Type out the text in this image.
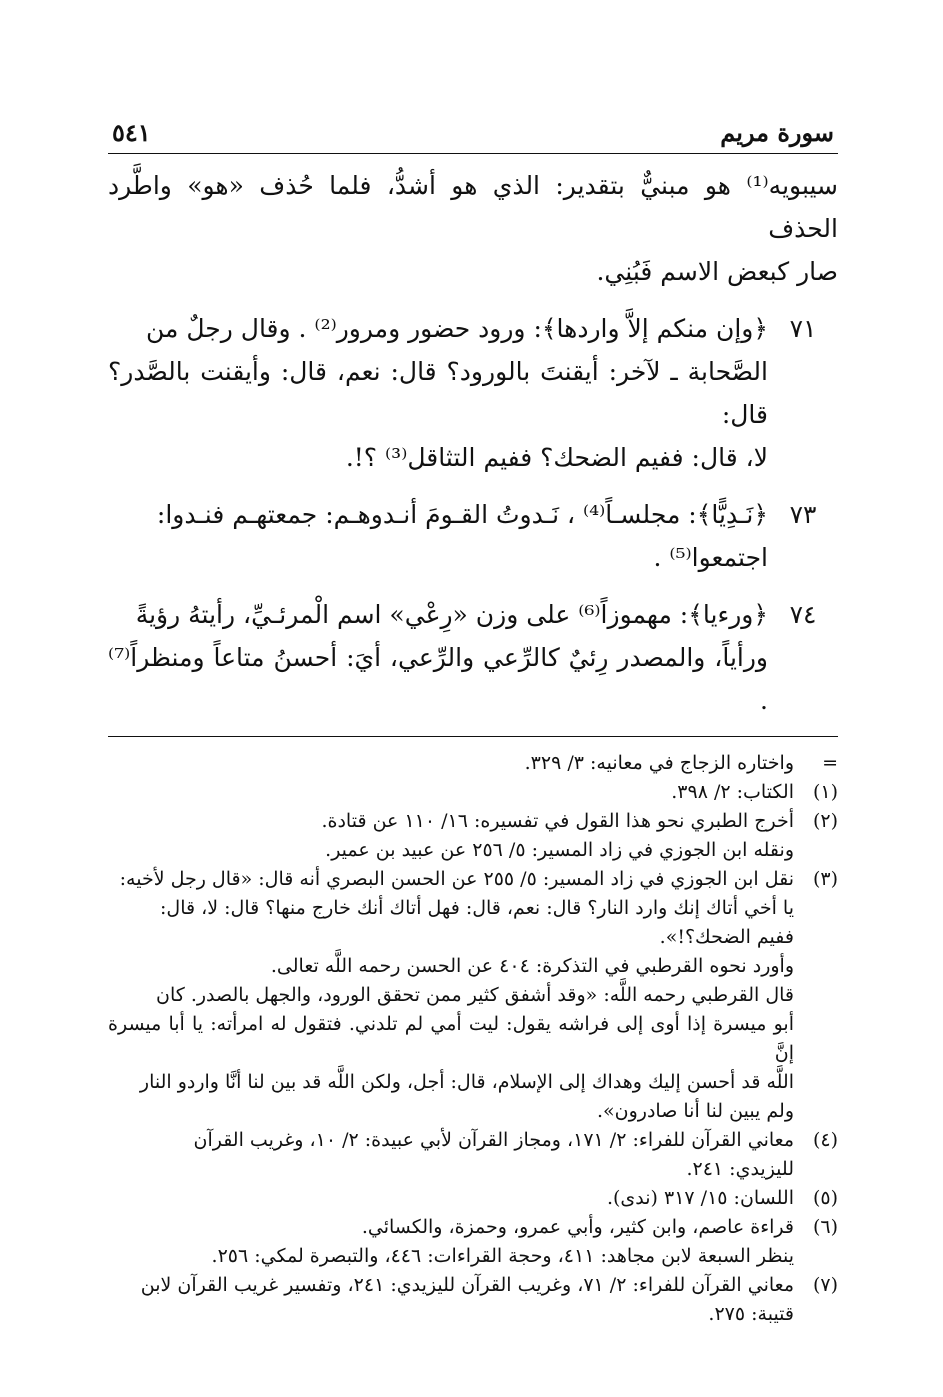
سورة مريم
٥٤١
سيبويه⁽¹⁾ هو مبنيٌّ بتقدير: الذي هو أشدُّ، فلما حُذف «هو» واطَّرد الحذف
صار كبعض الاسم فَبُنِي.
٧١
﴿وإن منكم إلاَّ واردها﴾: ورود حضور ومرور⁽²⁾ . وقال رجلٌ من
الصَّحابة ـ لآخر: أيقنتَ بالورود؟ قال: نعم، قال: وأيقنت بالصَّدر؟ قال:
لا، قال: ففيم الضحك؟ ففيم التثاقل⁽³⁾ ؟!.
٧٣
﴿نَـدِيًّا﴾: مجلسـاً⁽⁴⁾ ، نَـدوتُ القـومَ أنـدوهـم: جمعتهـم فنـدوا:
اجتمعوا⁽⁵⁾ .
٧٤
﴿ورءيا﴾: مهموزاً⁽⁶⁾ على وزن «رِعْي» اسم الْمرئـيِّ، رأيتهُ رؤيةً
ورأياً، والمصدر رِئيٌ كالرِّعي والرِّعي، أيَ: أحسنُ متاعاً ومنظراً⁽⁷⁾ .
=
واختاره الزجاج في معانيه: ٣/ ٣٢٩.
(١)
الكتاب: ٢/ ٣٩٨.
(٢)
أخرج الطبري نحو هذا القول في تفسيره: ١٦/ ١١٠ عن قتادة.
ونقله ابن الجوزي في زاد المسير: ٥/ ٢٥٦ عن عبيد بن عمير.
(٣)
نقل ابن الجوزي في زاد المسير: ٥/ ٢٥٥ عن الحسن البصري أنه قال: «قال رجل لأخيه:
يا أخي أتاك إنك وارد النار؟ قال: نعم، قال: فهل أتاك أنك خارج منها؟ قال: لا، قال:
ففيم الضحك؟!».
وأورد نحوه القرطبي في التذكرة: ٤٠٤ عن الحسن رحمه اللَّه تعالى.
قال القرطبي رحمه اللَّه: «وقد أشفق كثير ممن تحقق الورود، والجهل بالصدر. كان
أبو ميسرة إذا أوى إلى فراشه يقول: ليت أمي لم تلدني. فتقول له امرأته: يا أبا ميسرة إنَّ
اللَّه قد أحسن إليك وهداك إلى الإسلام، قال: أجل، ولكن اللَّه قد بين لنا أنَّا واردو النار
ولم يبين لنا أنا صادرون».
(٤)
معاني القرآن للفراء: ٢/ ١٧١، ومجاز القرآن لأبي عبيدة: ٢/ ١٠، وغريب القرآن
لليزيدي: ٢٤١.
(٥)
اللسان: ١٥/ ٣١٧ (ندى).
(٦)
قراءة عاصم، وابن كثير، وأبي عمرو، وحمزة، والكسائي.
ينظر السبعة لابن مجاهد: ٤١١، وحجة القراءات: ٤٤٦، والتبصرة لمكي: ٢٥٦.
(٧)
معاني القرآن للفراء: ٢/ ٧١، وغريب القرآن لليزيدي: ٢٤١، وتفسير غريب القرآن لابن
قتيبة: ٢٧٥.
